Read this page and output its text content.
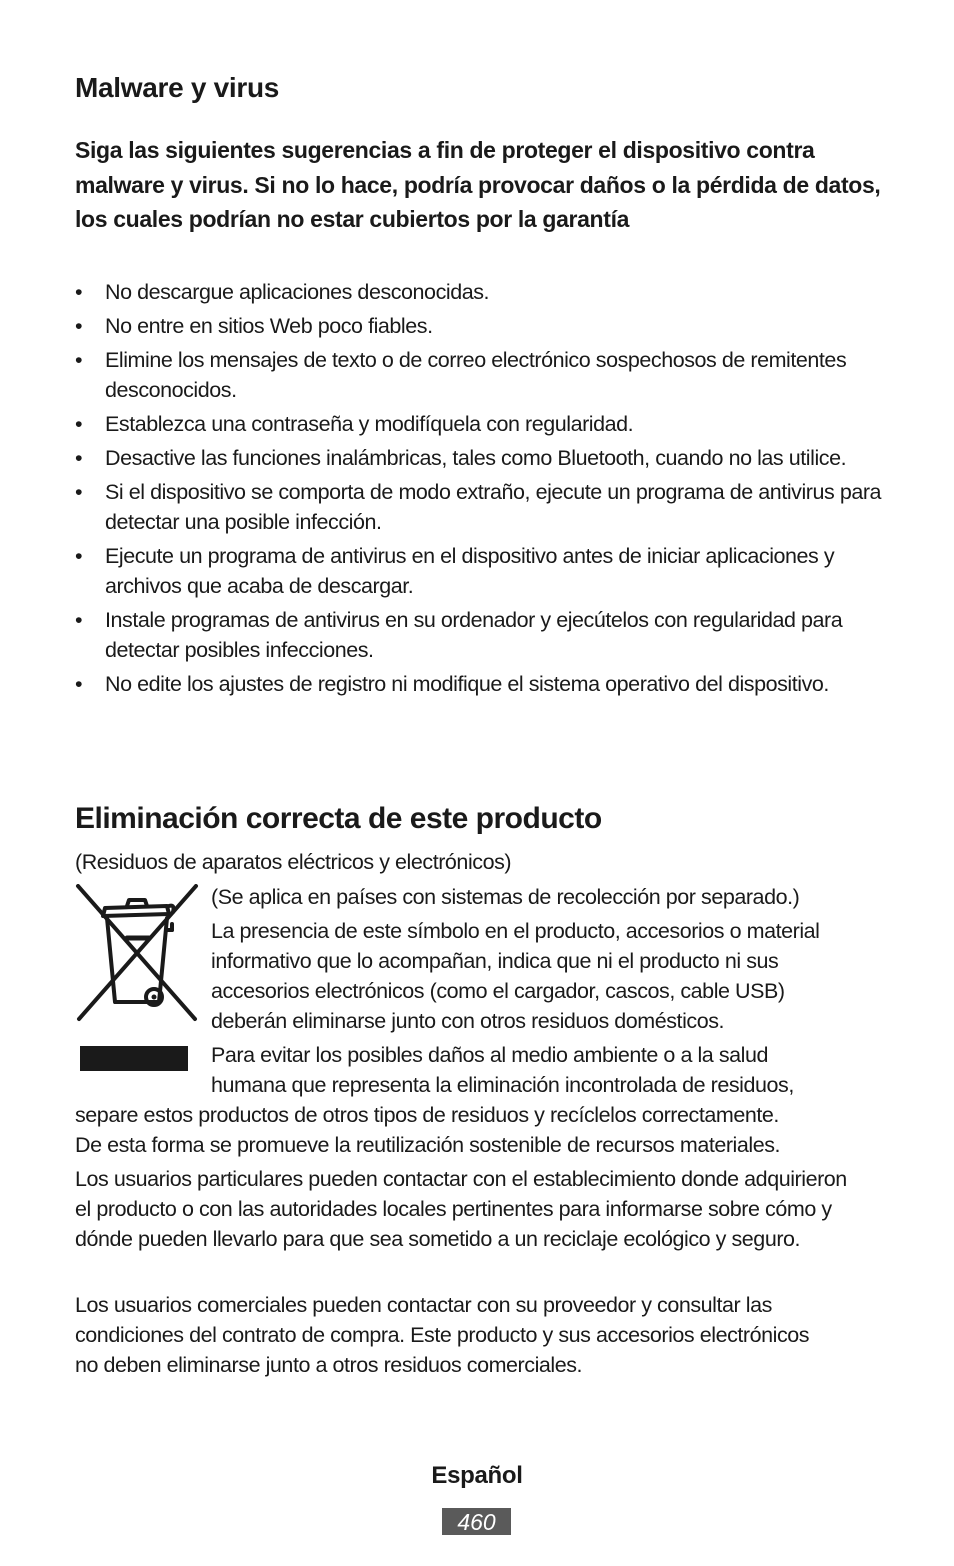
Malware y virus

Siga las siguientes sugerencias a fin de proteger el dispositivo contra malware y virus. Si no lo hace, podría provocar daños o la pérdida de datos, los cuales podrían no estar cubiertos por la garantía

• No descargue aplicaciones desconocidas.
• No entre en sitios Web poco fiables.
• Elimine los mensajes de texto o de correo electrónico sospechosos de remitentes desconocidos.
• Establezca una contraseña y modifíquela con regularidad.
• Desactive las funciones inalámbricas, tales como Bluetooth, cuando no las utilice.
• Si el dispositivo se comporta de modo extraño, ejecute un programa de antivirus para detectar una posible infección.
• Ejecute un programa de antivirus en el dispositivo antes de iniciar aplicaciones y archivos que acaba de descargar.
• Instale programas de antivirus en su ordenador y ejecútelos con regularidad para detectar posibles infecciones.
• No edite los ajustes de registro ni modifique el sistema operativo del dispositivo.
Eliminación correcta de este producto

(Residuos de aparatos eléctricos y electrónicos)

(Se aplica en países con sistemas de recolección por separado.)

La presencia de este símbolo en el producto, accesorios o material

informativo que lo acompañan, indica que ni el producto ni sus

accesorios electrónicos (como el cargador, cascos, cable USB)

deberán eliminarse junto con otros residuos domésticos.

Para evitar los posibles daños al medio ambiente o a la salud

humana que representa la eliminación incontrolada de residuos,

separe estos productos de otros tipos de residuos y recíclelos correctamente.

De esta forma se promueve la reutilización sostenible de recursos materiales.

Los usuarios particulares pueden contactar con el establecimiento donde adquirieron el producto o con las autoridades locales pertinentes para informarse sobre cómo y dónde pueden llevarlo para que sea sometido a un reciclaje ecológico y seguro.

Los usuarios comerciales pueden contactar con su proveedor y consultar las condiciones del contrato de compra. Este producto y sus accesorios electrónicos no deben eliminarse junto a otros residuos comerciales.

Español
460
